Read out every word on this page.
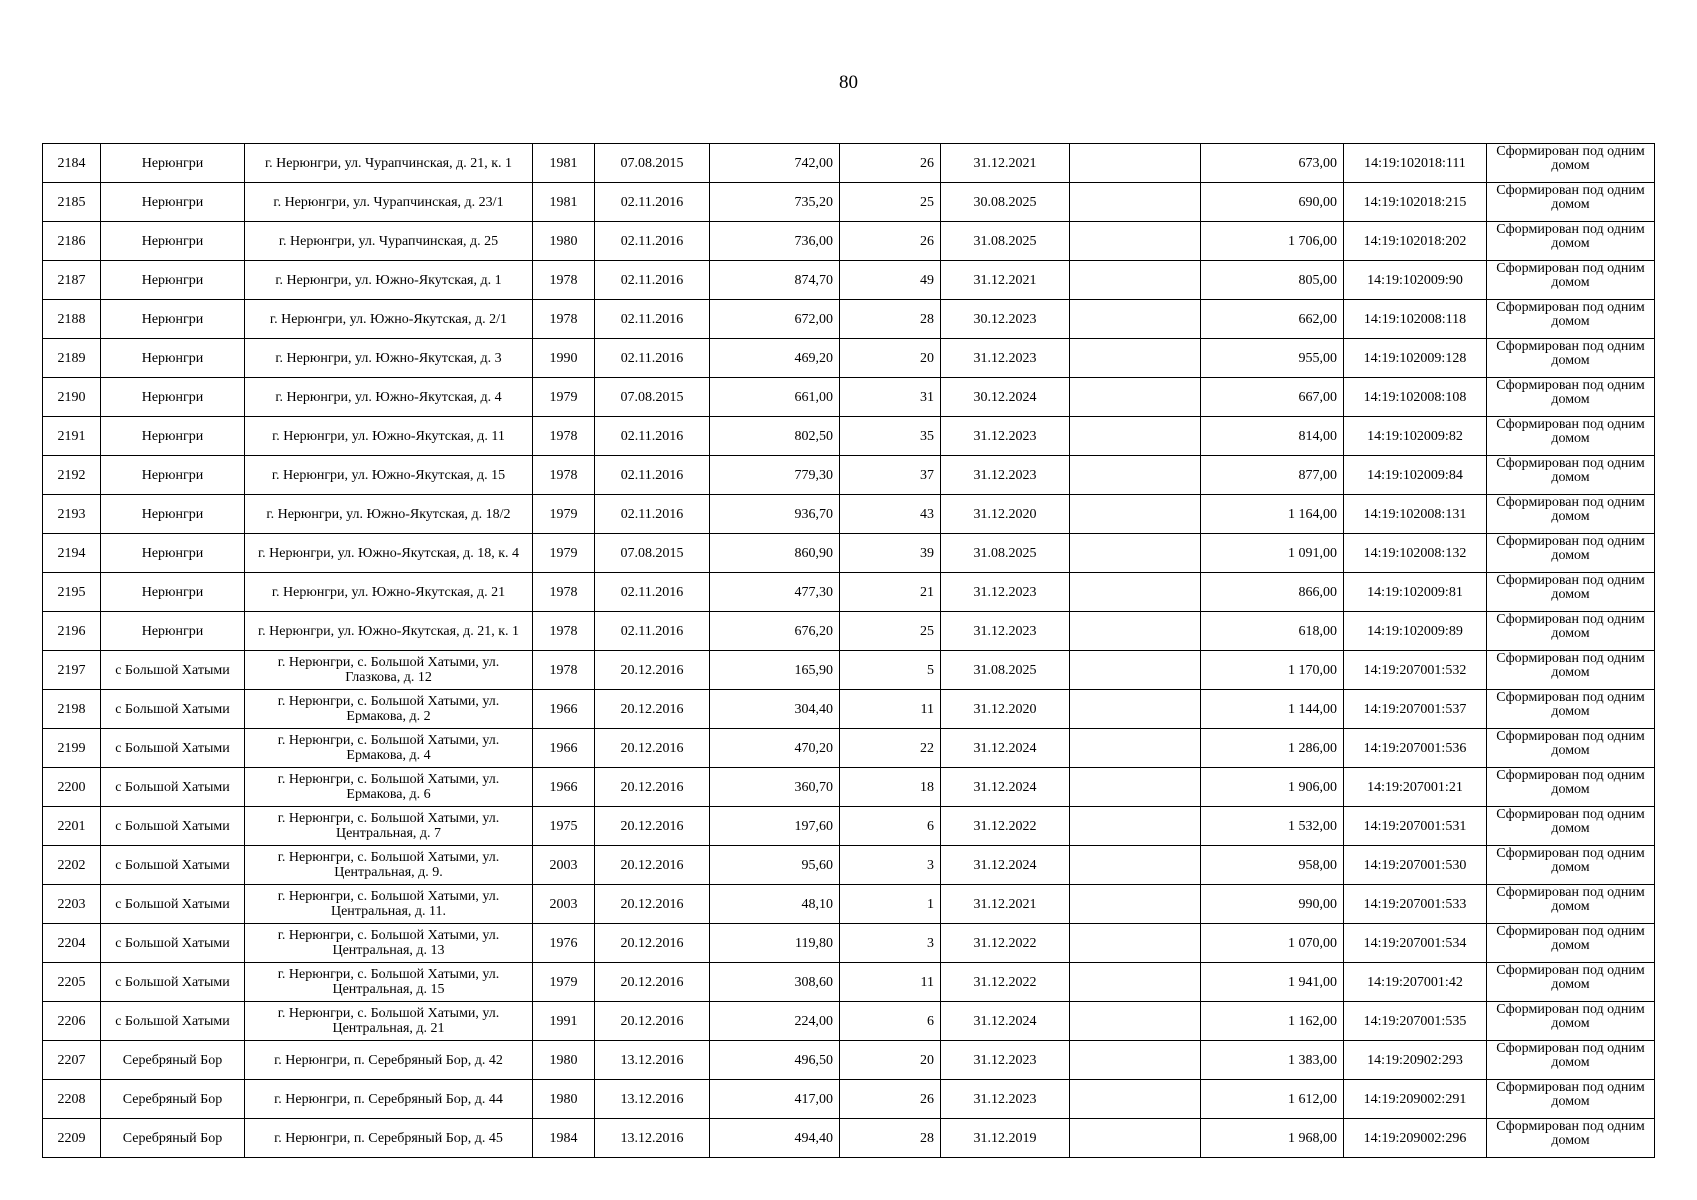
80
2184	Нерюнгри	г. Нерюнгри, ул. Чурапчинская, д. 21, к. 1	1981	07.08.2015	742,00	26	31.12.2021		673,00	14:19:102018:111	Сформирован под одним домом
2185	Нерюнгри	г. Нерюнгри, ул. Чурапчинская, д. 23/1	1981	02.11.2016	735,20	25	30.08.2025		690,00	14:19:102018:215	Сформирован под одним домом
2186	Нерюнгри	г. Нерюнгри, ул. Чурапчинская, д. 25	1980	02.11.2016	736,00	26	31.08.2025		1 706,00	14:19:102018:202	Сформирован под одним домом
2187	Нерюнгри	г. Нерюнгри, ул. Южно-Якутская, д. 1	1978	02.11.2016	874,70	49	31.12.2021		805,00	14:19:102009:90	Сформирован под одним домом
2188	Нерюнгри	г. Нерюнгри, ул. Южно-Якутская, д. 2/1	1978	02.11.2016	672,00	28	30.12.2023		662,00	14:19:102008:118	Сформирован под одним домом
2189	Нерюнгри	г. Нерюнгри, ул. Южно-Якутская, д. 3	1990	02.11.2016	469,20	20	31.12.2023		955,00	14:19:102009:128	Сформирован под одним домом
2190	Нерюнгри	г. Нерюнгри, ул. Южно-Якутская, д. 4	1979	07.08.2015	661,00	31	30.12.2024		667,00	14:19:102008:108	Сформирован под одним домом
2191	Нерюнгри	г. Нерюнгри, ул. Южно-Якутская, д. 11	1978	02.11.2016	802,50	35	31.12.2023		814,00	14:19:102009:82	Сформирован под одним домом
2192	Нерюнгри	г. Нерюнгри, ул. Южно-Якутская, д. 15	1978	02.11.2016	779,30	37	31.12.2023		877,00	14:19:102009:84	Сформирован под одним домом
2193	Нерюнгри	г. Нерюнгри, ул. Южно-Якутская, д. 18/2	1979	02.11.2016	936,70	43	31.12.2020		1 164,00	14:19:102008:131	Сформирован под одним домом
2194	Нерюнгри	г. Нерюнгри, ул. Южно-Якутская, д. 18, к. 4	1979	07.08.2015	860,90	39	31.08.2025		1 091,00	14:19:102008:132	Сформирован под одним домом
2195	Нерюнгри	г. Нерюнгри, ул. Южно-Якутская, д. 21	1978	02.11.2016	477,30	21	31.12.2023		866,00	14:19:102009:81	Сформирован под одним домом
2196	Нерюнгри	г. Нерюнгри, ул. Южно-Якутская, д. 21, к. 1	1978	02.11.2016	676,20	25	31.12.2023		618,00	14:19:102009:89	Сформирован под одним домом
2197	с Большой Хатыми	г. Нерюнгри, с. Большой Хатыми, ул. Глазкова, д. 12	1978	20.12.2016	165,90	5	31.08.2025		1 170,00	14:19:207001:532	Сформирован под одним домом
2198	с Большой Хатыми	г. Нерюнгри, с. Большой Хатыми, ул. Ермакова, д. 2	1966	20.12.2016	304,40	11	31.12.2020		1 144,00	14:19:207001:537	Сформирован под одним домом
2199	с Большой Хатыми	г. Нерюнгри, с. Большой Хатыми, ул. Ермакова, д. 4	1966	20.12.2016	470,20	22	31.12.2024		1 286,00	14:19:207001:536	Сформирован под одним домом
2200	с Большой Хатыми	г. Нерюнгри, с. Большой Хатыми, ул. Ермакова, д. 6	1966	20.12.2016	360,70	18	31.12.2024		1 906,00	14:19:207001:21	Сформирован под одним домом
2201	с Большой Хатыми	г. Нерюнгри, с. Большой Хатыми, ул. Центральная, д. 7	1975	20.12.2016	197,60	6	31.12.2022		1 532,00	14:19:207001:531	Сформирован под одним домом
2202	с Большой Хатыми	г. Нерюнгри, с. Большой Хатыми, ул. Центральная, д. 9.	2003	20.12.2016	95,60	3	31.12.2024		958,00	14:19:207001:530	Сформирован под одним домом
2203	с Большой Хатыми	г. Нерюнгри, с. Большой Хатыми, ул. Центральная, д. 11.	2003	20.12.2016	48,10	1	31.12.2021		990,00	14:19:207001:533	Сформирован под одним домом
2204	с Большой Хатыми	г. Нерюнгри, с. Большой Хатыми, ул. Центральная, д. 13	1976	20.12.2016	119,80	3	31.12.2022		1 070,00	14:19:207001:534	Сформирован под одним домом
2205	с Большой Хатыми	г. Нерюнгри, с. Большой Хатыми, ул. Центральная, д. 15	1979	20.12.2016	308,60	11	31.12.2022		1 941,00	14:19:207001:42	Сформирован под одним домом
2206	с Большой Хатыми	г. Нерюнгри, с. Большой Хатыми, ул. Центральная, д. 21	1991	20.12.2016	224,00	6	31.12.2024		1 162,00	14:19:207001:535	Сформирован под одним домом
2207	Серебряный Бор	г. Нерюнгри, п. Серебряный Бор, д. 42	1980	13.12.2016	496,50	20	31.12.2023		1 383,00	14:19:20902:293	Сформирован под одним домом
2208	Серебряный Бор	г. Нерюнгри, п. Серебряный Бор, д. 44	1980	13.12.2016	417,00	26	31.12.2023		1 612,00	14:19:209002:291	Сформирован под одним домом
2209	Серебряный Бор	г. Нерюнгри, п. Серебряный Бор, д. 45	1984	13.12.2016	494,40	28	31.12.2019		1 968,00	14:19:209002:296	Сформирован под одним домом
